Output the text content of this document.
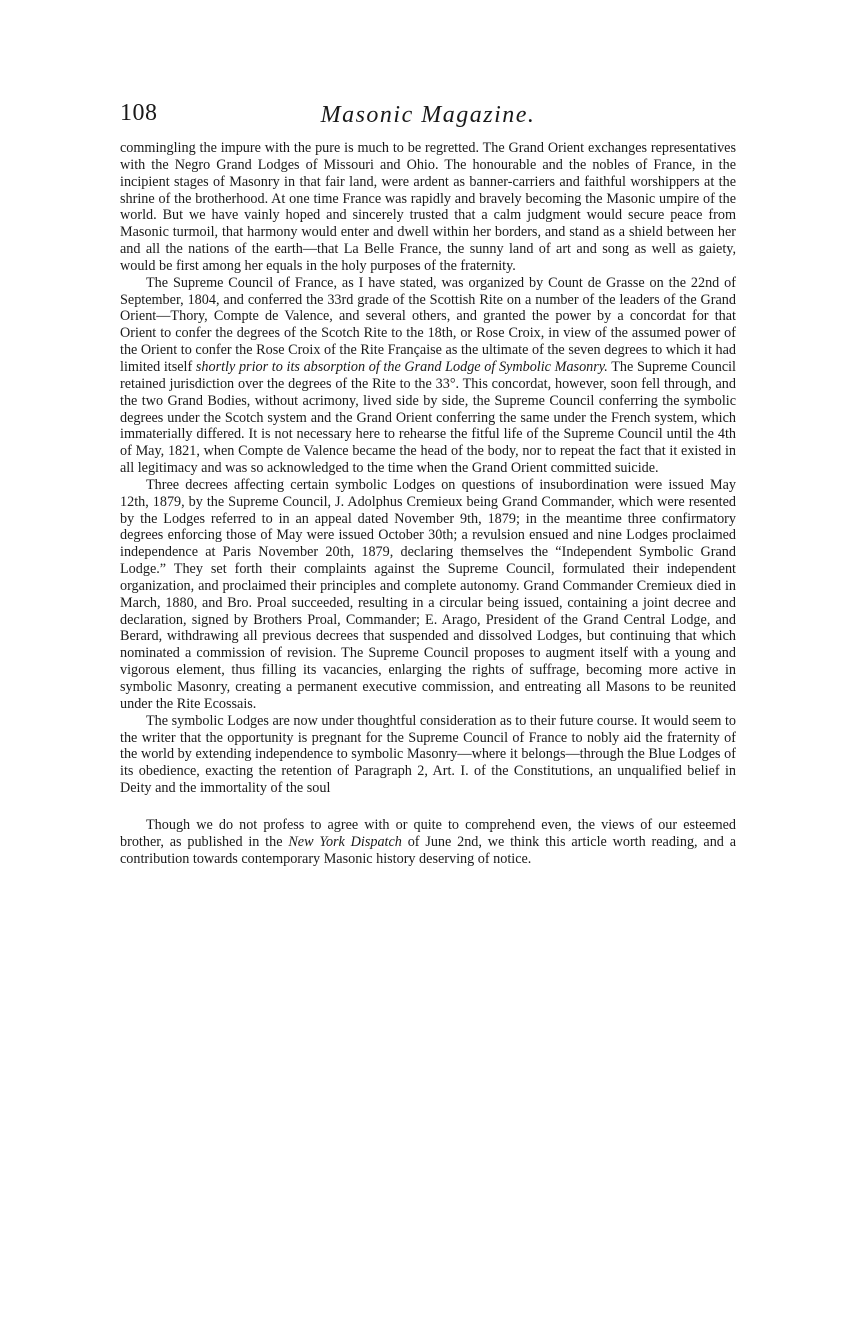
108	Masonic Magazine.

commingling the impure with the pure is much to be regretted. The Grand Orient exchanges representatives with the Negro Grand Lodges of Missouri and Ohio. The honourable and the nobles of France, in the incipient stages of Masonry in that fair land, were ardent as banner-carriers and faithful worshippers at the shrine of the brotherhood. At one time France was rapidly and bravely becoming the Masonic umpire of the world. But we have vainly hoped and sincerely trusted that a calm judgment would secure peace from Masonic turmoil, that harmony would enter and dwell within her borders, and stand as a shield between her and all the nations of the earth—that La Belle France, the sunny land of art and song as well as gaiety, would be first among her equals in the holy purposes of the fraternity.

The Supreme Council of France, as I have stated, was organized by Count de Grasse on the 22nd of September, 1804, and conferred the 33rd grade of the Scottish Rite on a number of the leaders of the Grand Orient—Thory, Compte de Valence, and several others, and granted the power by a concordat for that Orient to confer the degrees of the Scotch Rite to the 18th, or Rose Croix, in view of the assumed power of the Orient to confer the Rose Croix of the Rite Française as the ultimate of the seven degrees to which it had limited itself shortly prior to its absorption of the Grand Lodge of Symbolic Masonry. The Supreme Council retained jurisdiction over the degrees of the Rite to the 33°. This concordat, however, soon fell through, and the two Grand Bodies, without acrimony, lived side by side, the Supreme Council conferring the symbolic degrees under the Scotch system and the Grand Orient conferring the same under the French system, which immaterially differed. It is not necessary here to rehearse the fitful life of the Supreme Council until the 4th of May, 1821, when Compte de Valence became the head of the body, nor to repeat the fact that it existed in all legitimacy and was so acknowledged to the time when the Grand Orient committed suicide.

Three decrees affecting certain symbolic Lodges on questions of insubordination were issued May 12th, 1879, by the Supreme Council, J. Adolphus Cremieux being Grand Commander, which were resented by the Lodges referred to in an appeal dated November 9th, 1879; in the meantime three confirmatory degrees enforcing those of May were issued October 30th; a revulsion ensued and nine Lodges proclaimed independence at Paris November 20th, 1879, declaring themselves the “Independent Symbolic Grand Lodge.” They set forth their complaints against the Supreme Council, formulated their independent organization, and proclaimed their principles and complete autonomy. Grand Commander Cremieux died in March, 1880, and Bro. Proal succeeded, resulting in a circular being issued, containing a joint decree and declaration, signed by Brothers Proal, Commander; E. Arago, President of the Grand Central Lodge, and Berard, withdrawing all previous decrees that suspended and dissolved Lodges, but continuing that which nominated a commission of revision. The Supreme Council proposes to augment itself with a young and vigorous element, thus filling its vacancies, enlarging the rights of suffrage, becoming more active in symbolic Masonry, creating a permanent executive commission, and entreating all Masons to be reunited under the Rite Ecossais.

The symbolic Lodges are now under thoughtful consideration as to their future course. It would seem to the writer that the opportunity is pregnant for the Supreme Council of France to nobly aid the fraternity of the world by extending independence to symbolic Masonry—where it belongs—through the Blue Lodges of its obedience, exacting the retention of Paragraph 2, Art. I. of the Constitutions, an unqualified belief in Deity and the immortality of the soul

Though we do not profess to agree with or quite to comprehend even, the views of our esteemed brother, as published in the New York Dispatch of June 2nd, we think this article worth reading, and a contribution towards contemporary Masonic history deserving of notice.
